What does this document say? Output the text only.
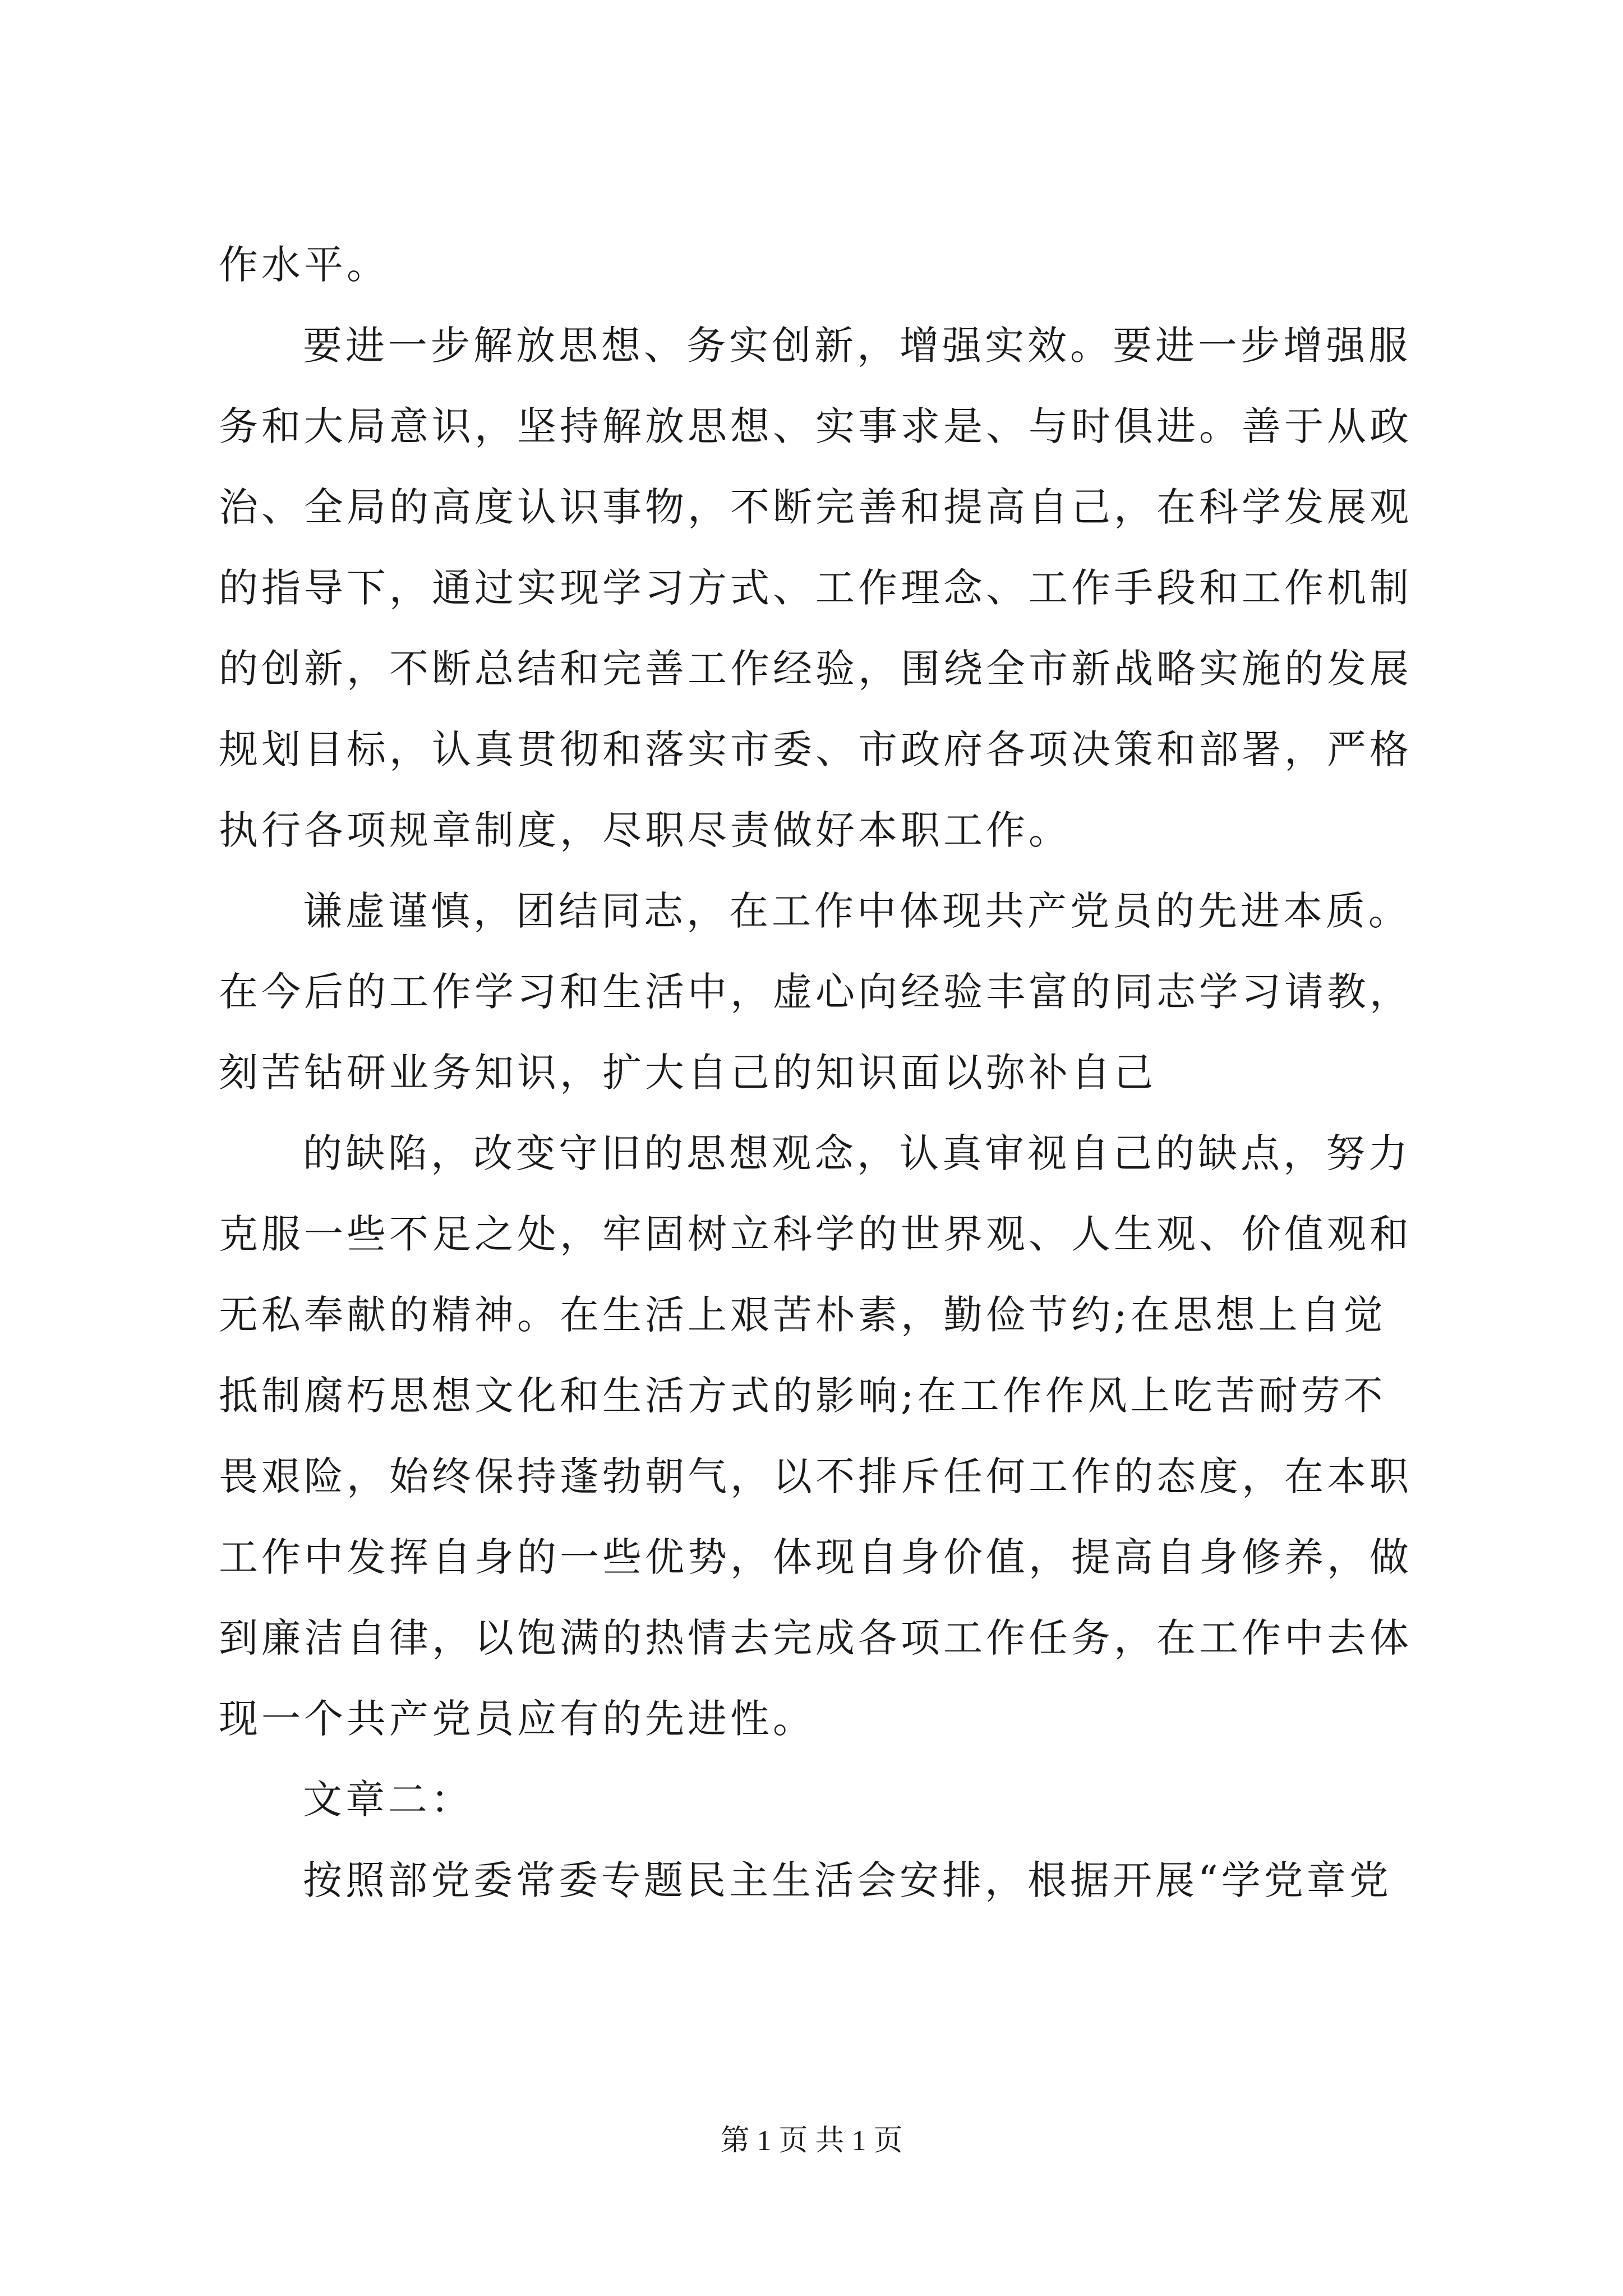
作水平。
要进一步解放思想、务实创新，增强实效。要进一步增强服
务和大局意识，坚持解放思想、实事求是、与时俱进。善于从政
治、全局的高度认识事物，不断完善和提高自己，在科学发展观
的指导下，通过实现学习方式、工作理念、工作手段和工作机制
的创新，不断总结和完善工作经验，围绕全市新战略实施的发展
规划目标，认真贯彻和落实市委、市政府各项决策和部署，严格
执行各项规章制度，尽职尽责做好本职工作。
谦虚谨慎，团结同志，在工作中体现共产党员的先进本质。
在今后的工作学习和生活中，虚心向经验丰富的同志学习请教，
刻苦钻研业务知识，扩大自己的知识面以弥补自己
的缺陷，改变守旧的思想观念，认真审视自己的缺点，努力
克服一些不足之处，牢固树立科学的世界观、人生观、价值观和
无私奉献的精神。在生活上艰苦朴素，勤俭节约;在思想上自觉
抵制腐朽思想文化和生活方式的影响;在工作作风上吃苦耐劳不
畏艰险，始终保持蓬勃朝气，以不排斥任何工作的态度，在本职
工作中发挥自身的一些优势，体现自身价值，提高自身修养，做
到廉洁自律，以饱满的热情去完成各项工作任务，在工作中去体
现一个共产党员应有的先进性。
文章二：
按照部党委常委专题民主生活会安排，根据开展“学党章党
第 1 页 共 1 页
